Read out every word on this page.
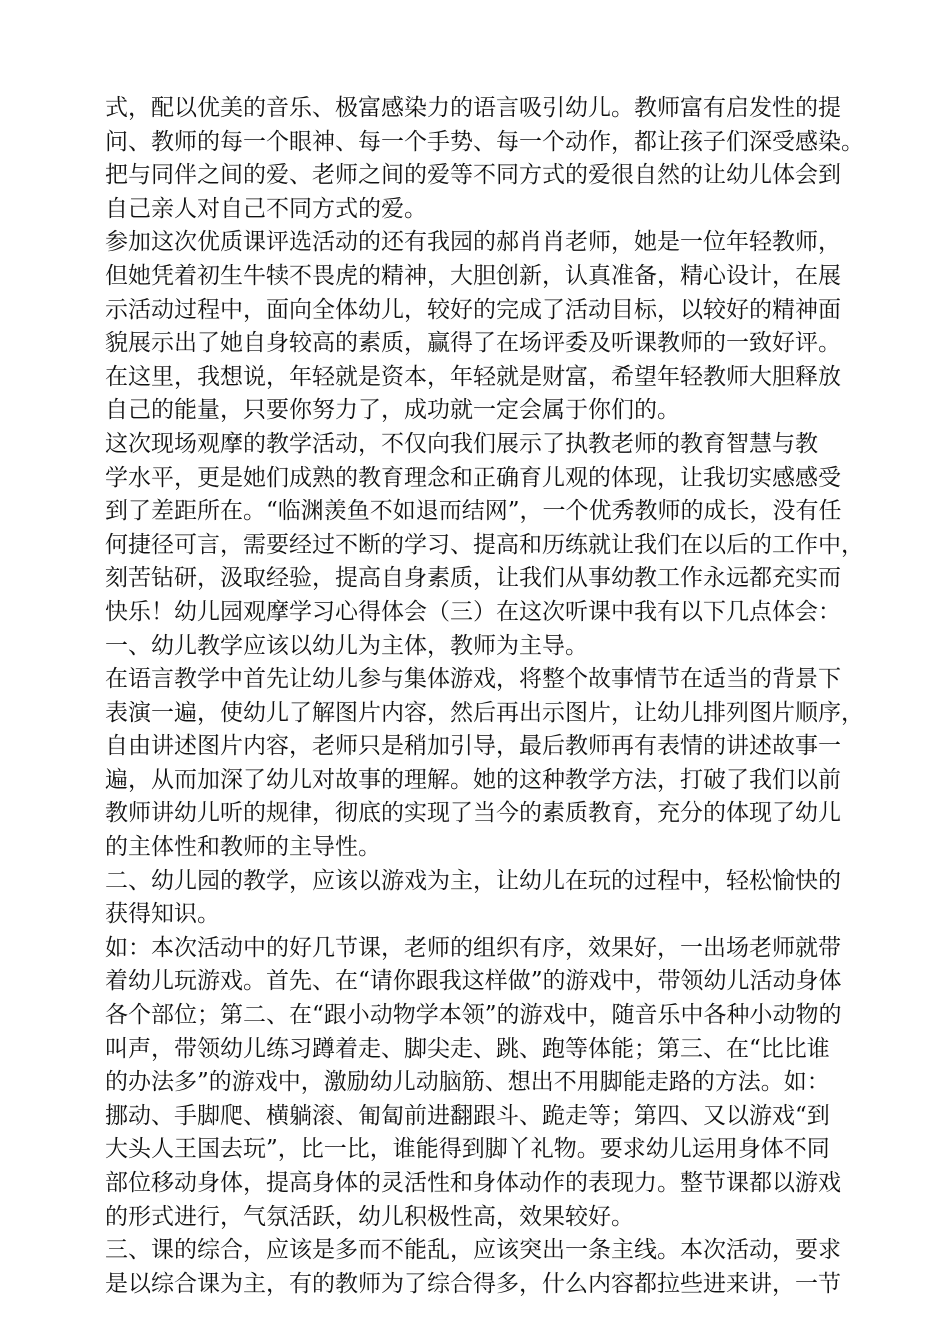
式，配以优美的音乐、极富感染力的语言吸引幼儿。教师富有启发性的提
问、教师的每一个眼神、每一个手势、每一个动作，都让孩子们深受感染。
把与同伴之间的爱、老师之间的爱等不同方式的爱很自然的让幼儿体会到
自己亲人对自己不同方式的爱。
参加这次优质课评选活动的还有我园的郝肖肖老师，她是一位年轻教师，
但她凭着初生牛犊不畏虎的精神，大胆创新，认真准备，精心设计，在展
示活动过程中，面向全体幼儿，较好的完成了活动目标，以较好的精神面
貌展示出了她自身较高的素质，赢得了在场评委及听课教师的一致好评。
在这里，我想说，年轻就是资本，年轻就是财富，希望年轻教师大胆释放
自己的能量，只要你努力了，成功就一定会属于你们的。
这次现场观摩的教学活动，不仅向我们展示了执教老师的教育智慧与教
学水平，更是她们成熟的教育理念和正确育儿观的体现，让我切实感感受
到了差距所在。“临渊羡鱼不如退而结网”，一个优秀教师的成长，没有任
何捷径可言，需要经过不断的学习、提高和历练就让我们在以后的工作中，
刻苦钻研，汲取经验，提高自身素质，让我们从事幼教工作永远都充实而
快乐！幼儿园观摩学习心得体会（三）在这次听课中我有以下几点体会：
一、幼儿教学应该以幼儿为主体，教师为主导。
在语言教学中首先让幼儿参与集体游戏，将整个故事情节在适当的背景下
表演一遍，使幼儿了解图片内容，然后再出示图片，让幼儿排列图片顺序，
自由讲述图片内容，老师只是稍加引导，最后教师再有表情的讲述故事一
遍，从而加深了幼儿对故事的理解。她的这种教学方法，打破了我们以前
教师讲幼儿听的规律，彻底的实现了当今的素质教育，充分的体现了幼儿
的主体性和教师的主导性。
二、幼儿园的教学，应该以游戏为主，让幼儿在玩的过程中，轻松愉快的
获得知识。
如：本次活动中的好几节课，老师的组织有序，效果好，一出场老师就带
着幼儿玩游戏。首先、在“请你跟我这样做”的游戏中，带领幼儿活动身体
各个部位；第二、在“跟小动物学本领”的游戏中，随音乐中各种小动物的
叫声，带领幼儿练习蹲着走、脚尖走、跳、跑等体能；第三、在“比比谁
的办法多”的游戏中，激励幼儿动脑筋、想出不用脚能走路的方法。如：
挪动、手脚爬、横躺滚、匍匐前进翻跟斗、跪走等；第四、又以游戏“到
大头人王国去玩”，比一比，谁能得到脚丫礼物。要求幼儿运用身体不同
部位移动身体，提高身体的灵活性和身体动作的表现力。整节课都以游戏
的形式进行，气氛活跃，幼儿积极性高，效果较好。
三、课的综合，应该是多而不能乱，应该突出一条主线。本次活动，要求
是以综合课为主，有的教师为了综合得多，什么内容都拉些进来讲，一节
